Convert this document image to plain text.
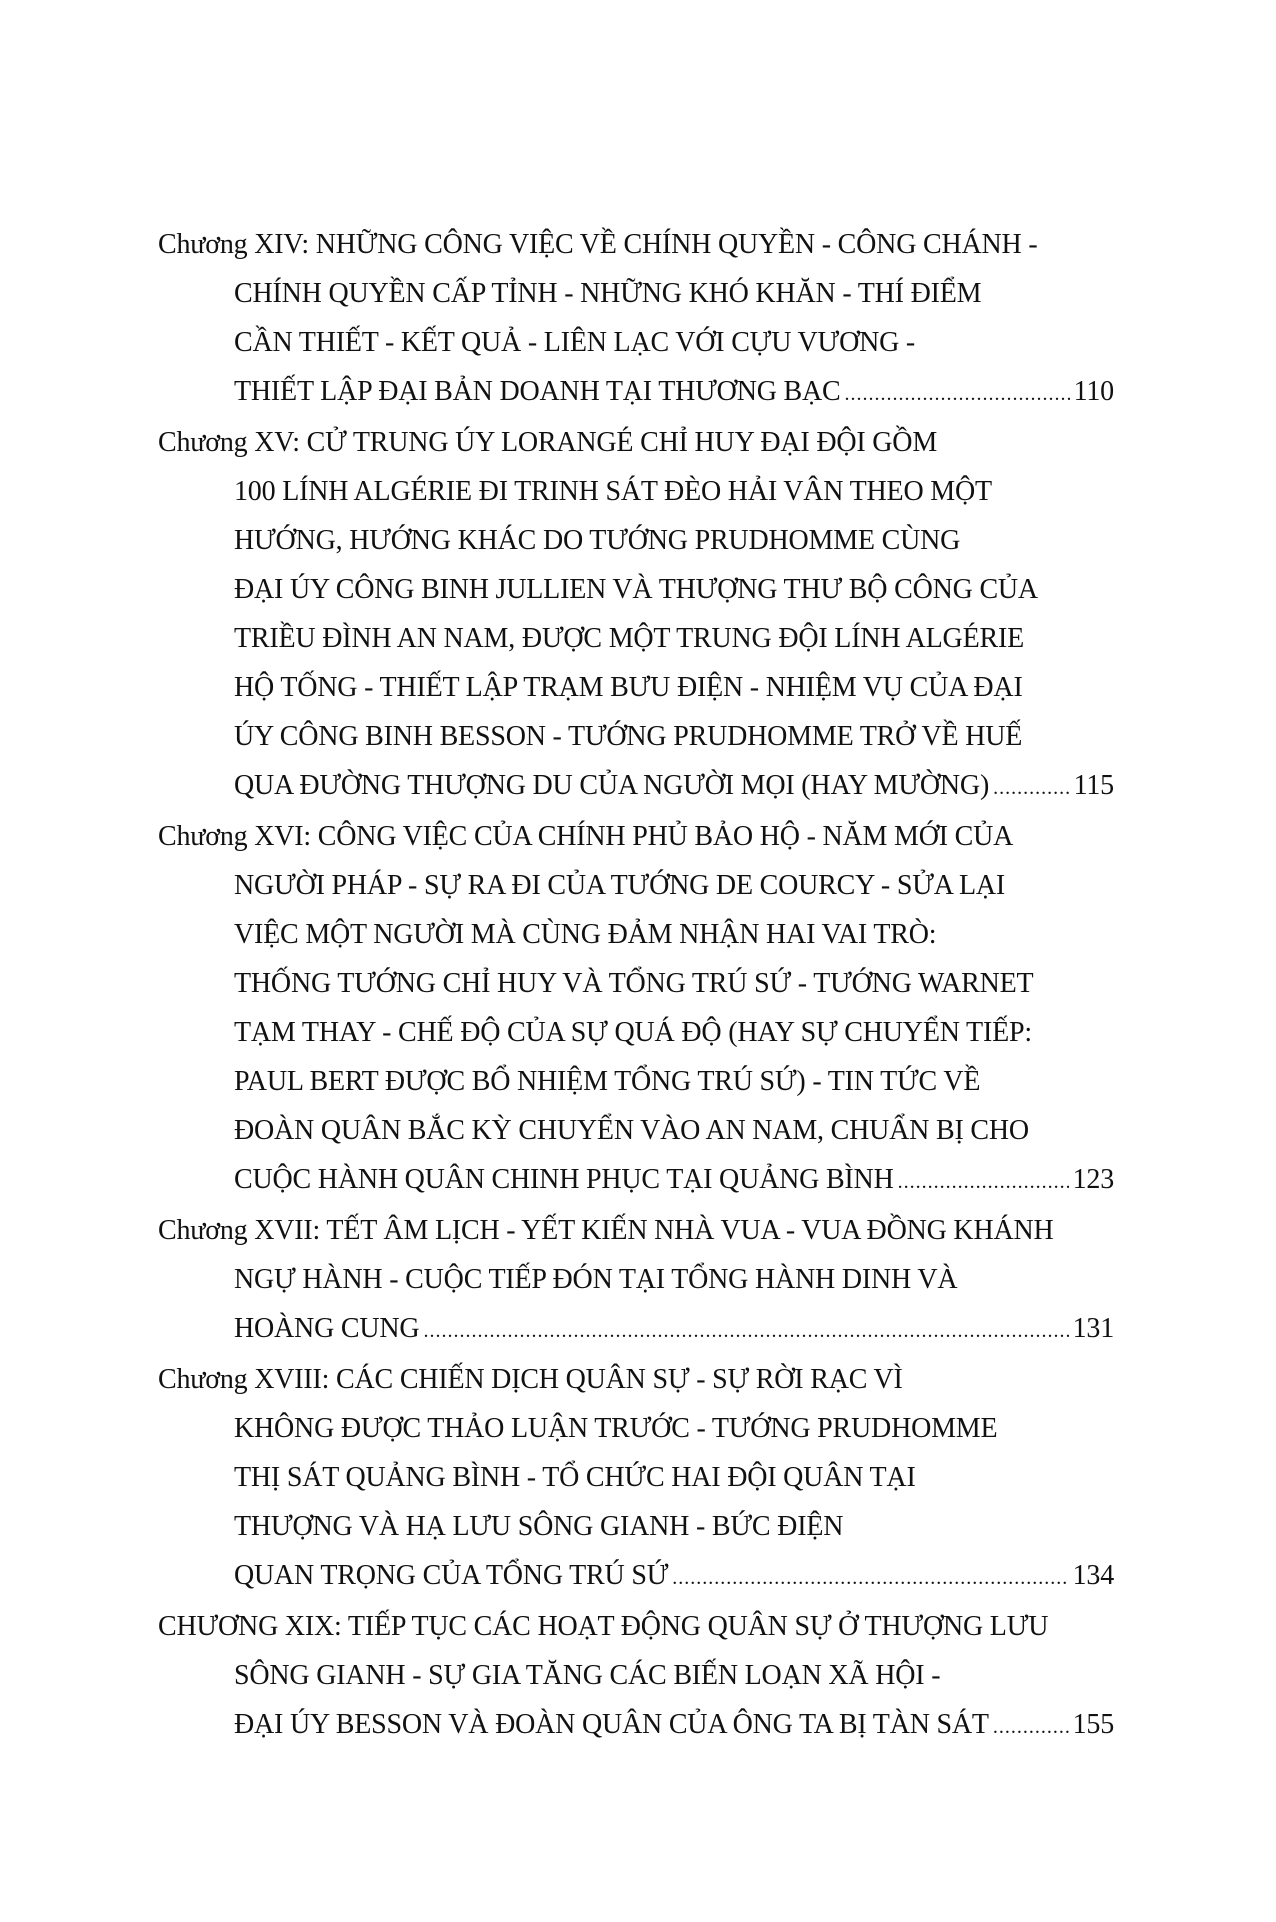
Chương XIV: NHỮNG CÔNG VIỆC VỀ CHÍNH QUYỀN - CÔNG CHÁNH -
CHÍNH QUYỀN CẤP TỈNH - NHỮNG KHÓ KHĂN - THÍ ĐIỂM
CẦN THIẾT - KẾT QUẢ - LIÊN LẠC VỚI CỰU VƯƠNG -
THIẾT LẬP ĐẠI BẢN DOANH TẠI THƯƠNG BẠC . . .	110
Chương XV: CỬ TRUNG ÚY LORANGÉ CHỈ HUY ĐẠI ĐỘI GỒM
100 LÍNH ALGÉRIE ĐI TRINH SÁT ĐÈO HẢI VÂN THEO MỘT
HƯỚNG, HƯỚNG KHÁC DO TƯỚNG PRUDHOMME CÙNG
ĐẠI ÚY CÔNG BINH JULLIEN VÀ THƯỢNG THƯ BỘ CÔNG CỦA
TRIỀU ĐÌNH AN NAM, ĐƯỢC MỘT TRUNG ĐỘI LÍNH ALGÉRIE
HỘ TỐNG - THIẾT LẬP TRẠM BƯU ĐIỆN - NHIỆM VỤ CỦA ĐẠI
ÚY CÔNG BINH BESSON - TƯỚNG PRUDHOMME TRỞ VỀ HUẾ
QUA ĐƯỜNG THƯỢNG DU CỦA NGƯỜI MỌI (HAY MƯỜNG) . . .	115
Chương XVI: CÔNG VIỆC CỦA CHÍNH PHỦ BẢO HỘ - NĂM MỚI CỦA
NGƯỜI PHÁP - SỰ RA ĐI CỦA TƯỚNG DE COURCY - SỬA LẠI
VIỆC MỘT NGƯỜI MÀ CÙNG ĐẢM NHẬN HAI VAI TRÒ:
THỐNG TƯỚNG CHỈ HUY VÀ TỔNG TRÚ SỨ - TƯỚNG WARNET
TẠM THAY - CHẾ ĐỘ CỦA SỰ QUÁ ĐỘ (HAY SỰ CHUYỂN TIẾP:
PAUL BERT ĐƯỢC BỔ NHIỆM TỔNG TRÚ SỨ) - TIN TỨC VỀ
ĐOÀN QUÂN BẮC KỲ CHUYỂN VÀO AN NAM, CHUẨN BỊ CHO
CUỘC HÀNH QUÂN CHINH PHỤC TẠI QUẢNG BÌNH . . .	123
Chương XVII: TẾT ÂM LỊCH - YẾT KIẾN NHÀ VUA - VUA ĐỒNG KHÁNH
NGỰ HÀNH - CUỘC TIẾP ĐÓN TẠI TỔNG HÀNH DINH VÀ
HOÀNG CUNG . . .	131
Chương XVIII: CÁC CHIẾN DỊCH QUÂN SỰ - SỰ RỜI RẠC VÌ
KHÔNG ĐƯỢC THẢO LUẬN TRƯỚC - TƯỚNG PRUDHOMME
THỊ SÁT QUẢNG BÌNH - TỔ CHỨC HAI ĐỘI QUÂN TẠI
THƯỢNG VÀ HẠ LƯU SÔNG GIANH - BỨC ĐIỆN
QUAN TRỌNG CỦA TỔNG TRÚ SỨ . . .	134
CHƯƠNG XIX: TIẾP TỤC CÁC HOẠT ĐỘNG QUÂN SỰ Ở THƯỢNG LƯU
SÔNG GIANH - SỰ GIA TĂNG CÁC BIẾN LOẠN XÃ HỘI -
ĐẠI ÚY BESSON VÀ ĐOÀN QUÂN CỦA ÔNG TA BỊ TÀN SÁT . . .	155
